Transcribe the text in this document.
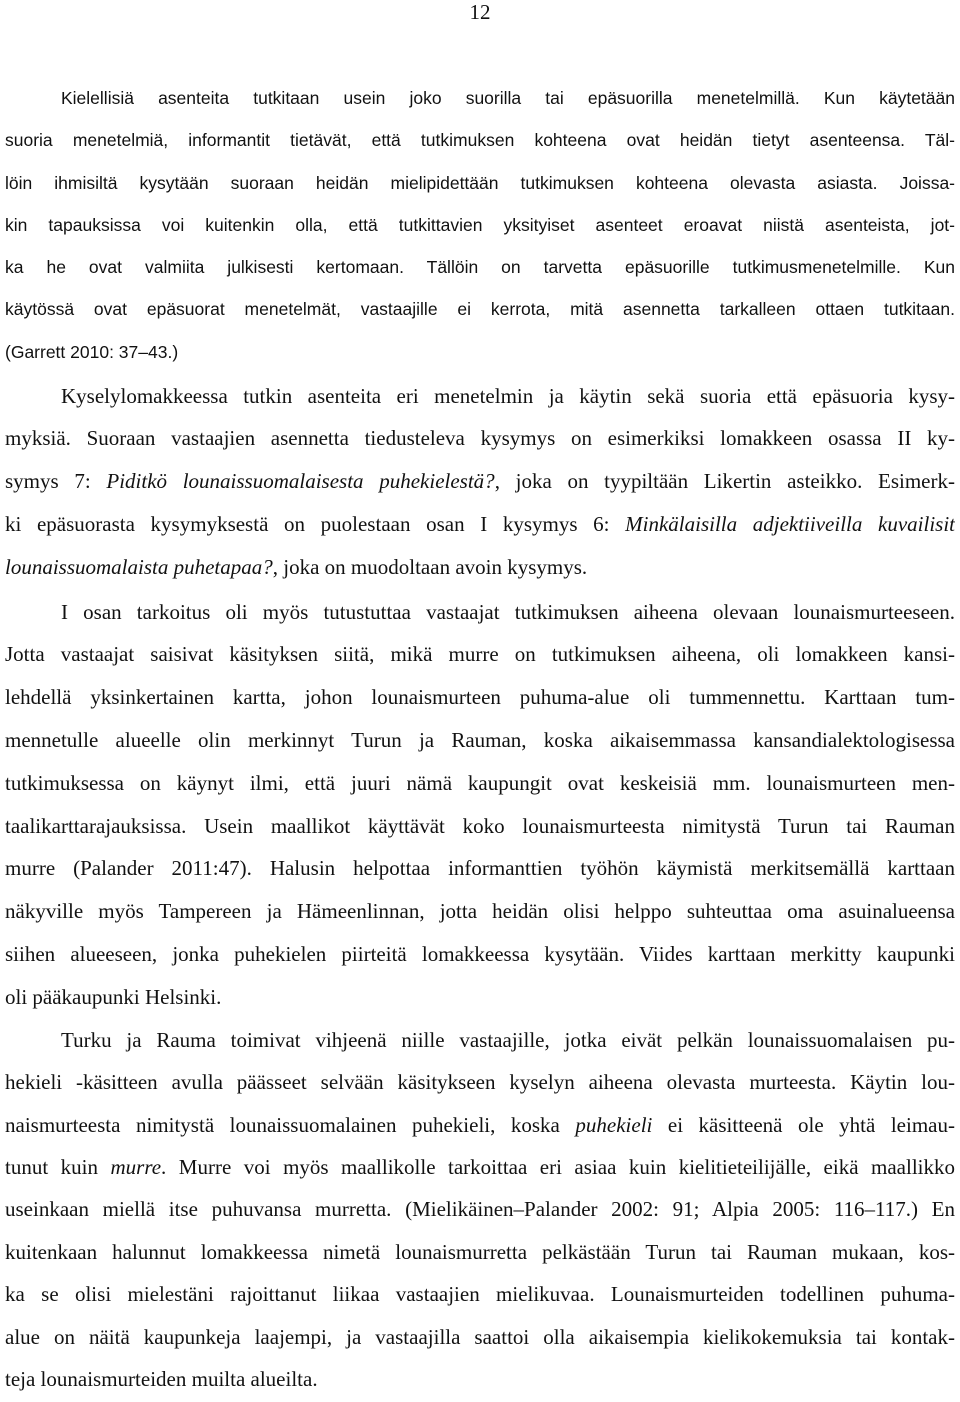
12
Kielellisiä asenteita tutkitaan usein joko suorilla tai epäsuorilla menetelmillä. Kun käytetään
suoria menetelmiä, informantit tietävät, että tutkimuksen kohteena ovat heidän tietyt asenteensa. Täl-
löin ihmisiltä kysytään suoraan heidän mielipidettään tutkimuksen kohteena olevasta asiasta. Joissa-
kin tapauksissa voi kuitenkin olla, että tutkittavien yksityiset asenteet eroavat niistä asenteista, jot-
ka he ovat valmiita julkisesti kertomaan. Tällöin on tarvetta epäsuorille tutkimusmenetelmille. Kun
käytössä ovat epäsuorat menetelmät, vastaajille ei kerrota, mitä asennetta tarkalleen ottaen tutkitaan.
(Garrett 2010: 37–43.)
Kyselylomakkeessa tutkin asenteita eri menetelmin ja käytin sekä suoria että epäsuoria kysy-
myksiä. Suoraan vastaajien asennetta tiedusteleva kysymys on esimerkiksi lomakkeen osassa II ky-
symys 7: Piditkö lounaissuomalaisesta puhekielestä?, joka on tyypiltään Likertin asteikko. Esimerk-
ki epäsuorasta kysymyksestä on puolestaan osan I kysymys 6: Minkälaisilla adjektiiveilla kuvailisit
lounaissuomalaista puhetapaa?, joka on muodoltaan avoin kysymys.
I osan tarkoitus oli myös tutustuttaa vastaajat tutkimuksen aiheena olevaan lounaismurteeseen.
Jotta vastaajat saisivat käsityksen siitä, mikä murre on tutkimuksen aiheena, oli lomakkeen kansi-
lehdellä yksinkertainen kartta, johon lounaismurteen puhuma-alue oli tummennettu. Karttaan tum-
mennetulle alueelle olin merkinnyt Turun ja Rauman, koska aikaisemmassa kansandialektologisessa
tutkimuksessa on käynyt ilmi, että juuri nämä kaupungit ovat keskeisiä mm. lounaismurteen men-
taalikarttarajauksissa. Usein maallikot käyttävät koko lounaismurteesta nimitystä Turun tai Rauman
murre (Palander 2011:47). Halusin helpottaa informanttien työhön käymistä merkitsemällä karttaan
näkyville myös Tampereen ja Hämeenlinnan, jotta heidän olisi helppo suhteuttaa oma asuinalueensa
siihen alueeseen, jonka puhekielen piirteitä lomakkeessa kysytään. Viides karttaan merkitty kaupunki
oli pääkaupunki Helsinki.
Turku ja Rauma toimivat vihjeenä niille vastaajille, jotka eivät pelkän lounaissuomalaisen pu-
hekieli -käsitteen avulla päässeet selvään käsitykseen kyselyn aiheena olevasta murteesta. Käytin lou-
naismurteesta nimitystä lounaissuomalainen puhekieli, koska puhekieli ei käsitteenä ole yhtä leimau-
tunut kuin murre. Murre voi myös maallikolle tarkoittaa eri asiaa kuin kielitieteilijälle, eikä maallikko
useinkaan miellä itse puhuvansa murretta. (Mielikäinen–Palander 2002: 91; Alpia 2005: 116–117.) En
kuitenkaan halunnut lomakkeessa nimetä lounaismurretta pelkästään Turun tai Rauman mukaan, kos-
ka se olisi mielestäni rajoittanut liikaa vastaajien mielikuvaa. Lounaismurteiden todellinen puhuma-
alue on näitä kaupunkeja laajempi, ja vastaajilla saattoi olla aikaisempia kielikokemuksia tai kontak-
teja lounaismurteiden muilta alueilta.
